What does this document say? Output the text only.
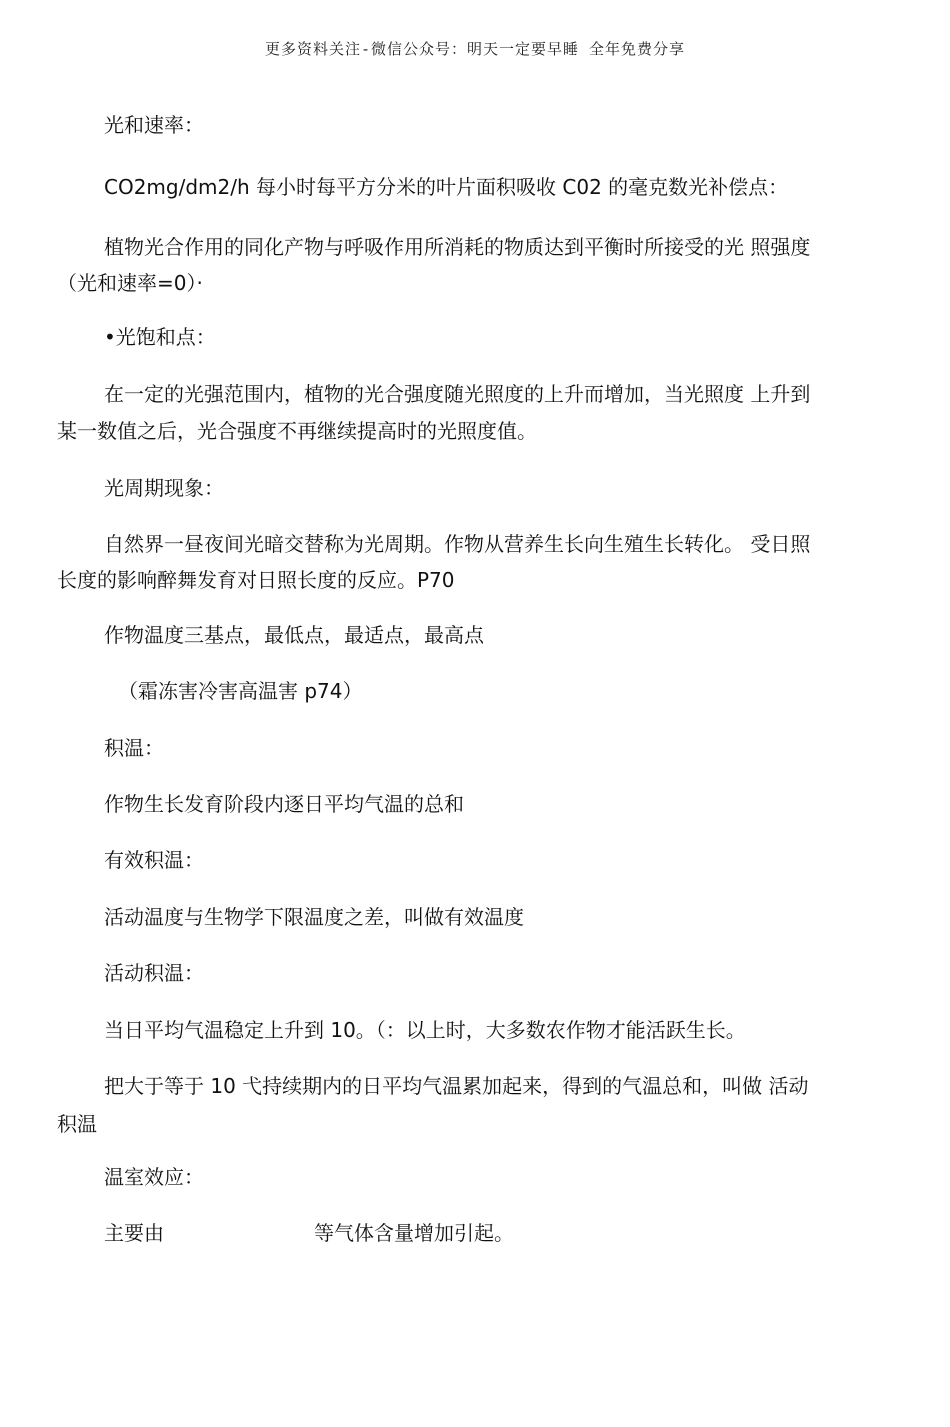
更多资料关注-微信公众号：明天一定要早睡 全年免费分享
光和速率：
CO2mg/dm2/h 每小时每平方分米的叶片面积吸收 C02 的毫克数光补偿点：
植物光合作用的同化产物与呼吸作用所消耗的物质达到平衡时所接受的光 照强度
（光和速率=0）·
•光饱和点：
在一定的光强范围内，植物的光合强度随光照度的上升而增加，当光照度 上升到
某一数值之后，光合强度不再继续提高时的光照度值。
光周期现象：
自然界一昼夜间光暗交替称为光周期。作物从营养生长向生殖生长转化。 受日照
长度的影响醉舞发育对日照长度的反应。P70
作物温度三基点，最低点，最适点，最高点
（霜冻害冷害高温害 p74）
积温：
作物生长发育阶段内逐日平均气温的总和
有效积温：
活动温度与生物学下限温度之差，叫做有效温度
活动积温：
当日平均气温稳定上升到 10。（：以上时，大多数农作物才能活跃生长。
把大于等于 10 弋持续期内的日平均气温累加起来，得到的气温总和，叫做 活动
积温
温室效应：
主要由	等气体含量增加引起。
